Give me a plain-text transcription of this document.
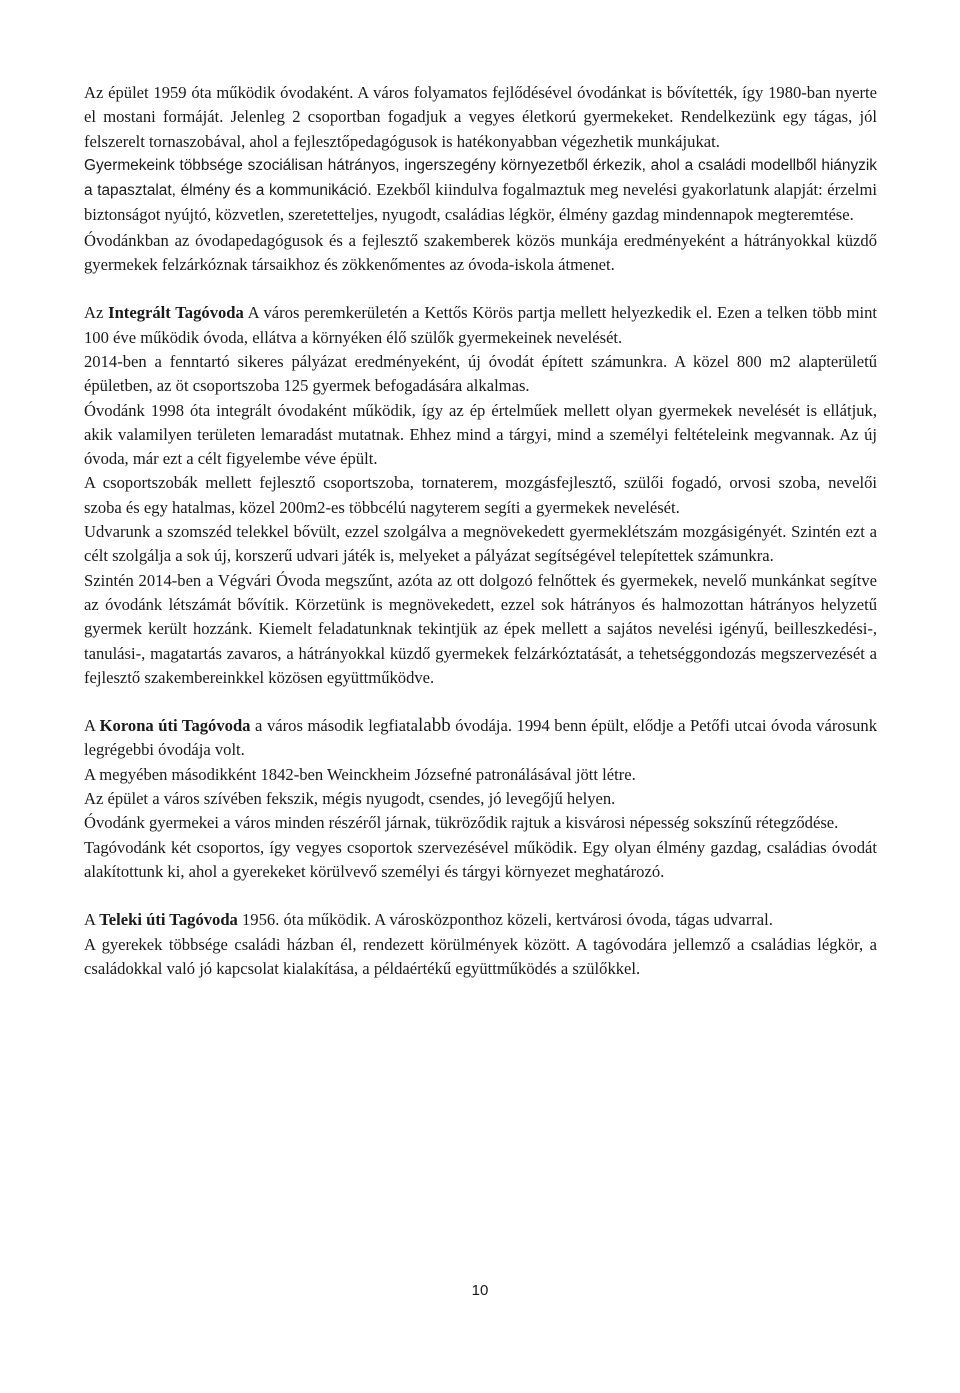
Az épület 1959 óta működik óvodaként. A város folyamatos fejlődésével óvodánkat is bővítették, így 1980-ban nyerte el mostani formáját. Jelenleg 2 csoportban fogadjuk a vegyes életkorú gyermekeket. Rendelkezünk egy tágas, jól felszerelt tornaszobával, ahol a fejlesztőpedagógusok is hatékonyabban végezhetik munkájukat.

Gyermekeink többsége szociálisan hátrányos, ingerszegény környezetből érkezik, ahol a családi modellből hiányzik a tapasztalat, élmény és a kommunikáció. Ezekből kiindulva fogalmaztuk meg nevelési gyakorlatunk alapját: érzelmi biztonságot nyújtó, közvetlen, szeretetteljes, nyugodt, családias légkör, élmény gazdag mindennapok megteremtése.

Óvodánkban az óvodapedagógusok és a fejlesztő szakemberek közös munkája eredményeként a hátrányokkal küzdő gyermekek felzárkóznak társaikhoz és zökkenőmentes az óvoda-iskola átmenet.

Az Integrált Tagóvoda A város peremkerületén a Kettős Körös partja mellett helyezkedik el. Ezen a telken több mint 100 éve működik óvoda, ellátva a környéken élő szülők gyermekeinek nevelését.

2014-ben a fenntartó sikeres pályázat eredményeként, új óvodát épített számunkra. A közel 800 m2 alapterületű épületben, az öt csoportszoba 125 gyermek befogadására alkalmas.

Óvodánk 1998 óta integrált óvodaként működik, így az ép értelműek mellett olyan gyermekek nevelését is ellátjuk, akik valamilyen területen lemaradást mutatnak. Ehhez mind a tárgyi, mind a személyi feltételeink megvannak. Az új óvoda, már ezt a célt figyelembe véve épült.

A csoportszobák mellett fejlesztő csoportszoba, tornaterem, mozgásfejlesztő, szülői fogadó, orvosi szoba, nevelői szoba és egy hatalmas, közel 200m2-es többcélú nagyterem segíti a gyermekek nevelését.

Udvarunk a szomszéd telekkel bővült, ezzel szolgálva a megnövekedett gyermeklétszám mozgásigényét. Szintén ezt a célt szolgálja a sok új, korszerű udvari játék is, melyeket a pályázat segítségével telepítettek számunkra.

Szintén 2014-ben a Végvári Óvoda megszűnt, azóta az ott dolgozó felnőttek és gyermekek, nevelő munkánkat segítve az óvodánk létszámát bővítik. Körzetünk is megnövekedett, ezzel sok hátrányos és halmozottan hátrányos helyzetű gyermek került hozzánk. Kiemelt feladatunknak tekintjük az épek mellett a sajátos nevelési igényű, beilleszkedési-, tanulási-, magatartás zavaros, a hátrányokkal küzdő gyermekek felzárkóztatását, a tehetséggondozás megszervezését a fejlesztő szakembereinkkel közösen együttműködve.

A Korona úti Tagóvoda a város második legfiatalabb óvodája. 1994 benn épült, elődje a Petőfi utcai óvoda városunk legrégebbi óvodája volt.

A megyében másodikként 1842-ben Weinckheim Józsefné patronálásával jött létre.

Az épület a város szívében fekszik, mégis nyugodt, csendes, jó levegőjű helyen.

Óvodánk gyermekei a város minden részéről járnak, tükröződik rajtuk a kisvárosi népesség sokszínű rétegződése.

Tagóvodánk két csoportos, így vegyes csoportok szervezésével működik. Egy olyan élmény gazdag, családias óvodát alakítottunk ki, ahol a gyerekeket körülvevő személyi és tárgyi környezet meghatározó.

A Teleki úti Tagóvoda 1956. óta működik. A városközponthoz közeli, kertvárosi óvoda, tágas udvarral.

A gyerekek többsége családi házban él, rendezett körülmények között. A tagóvodára jellemző a családias légkör, a családokkal való jó kapcsolat kialakítása, a példaértékű együttműködés a szülőkkel.

10
